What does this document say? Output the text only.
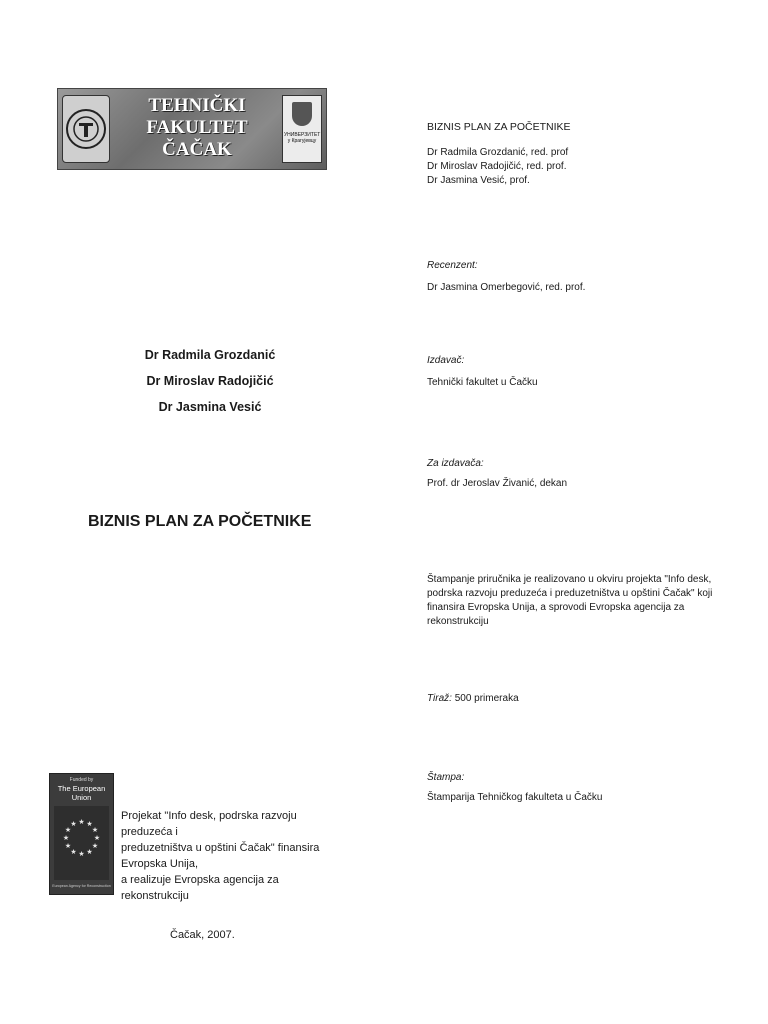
TEHNIČKI FAKULTET
ČAČAK
УНИВЕРЗИТЕТ у Крагујевцу
Dr Radmila Grozdanić
Dr Miroslav Radojičić
Dr Jasmina Vesić
BIZNIS PLAN ZA POČETNIKE
Funded by
The European Union
★ ★
★
★
★
★
★
★
★
★
★
★
European Agency for Reconstruction
Projekat "Info desk, podrska razvoju preduzeća i
preduzetništva u opštini Čačak" finansira Evropska Unija,
a realizuje Evropska agencija za rekonstrukciju
Čačak, 2007.
BIZNIS PLAN ZA POČETNIKE
Dr Radmila Grozdanić, red. prof
Dr Miroslav Radojičić, red. prof.
Dr Jasmina Vesić, prof.
Recenzent:
Dr Jasmina Omerbegović, red. prof.
Izdavač:
Tehnički fakultet u Čačku
Za izdavača:
Prof. dr Jeroslav Živanić, dekan
Štampanje priručnika je realizovano u okviru projekta "Info desk, podrska razvoju preduzeća i preduzetništva u opštini Čačak" koji finansira Evropska Unija, a sprovodi Evropska agencija za rekonstrukciju
Tiraž: 500 primeraka
Štampa:
Štamparija Tehničkog fakulteta u Čačku
